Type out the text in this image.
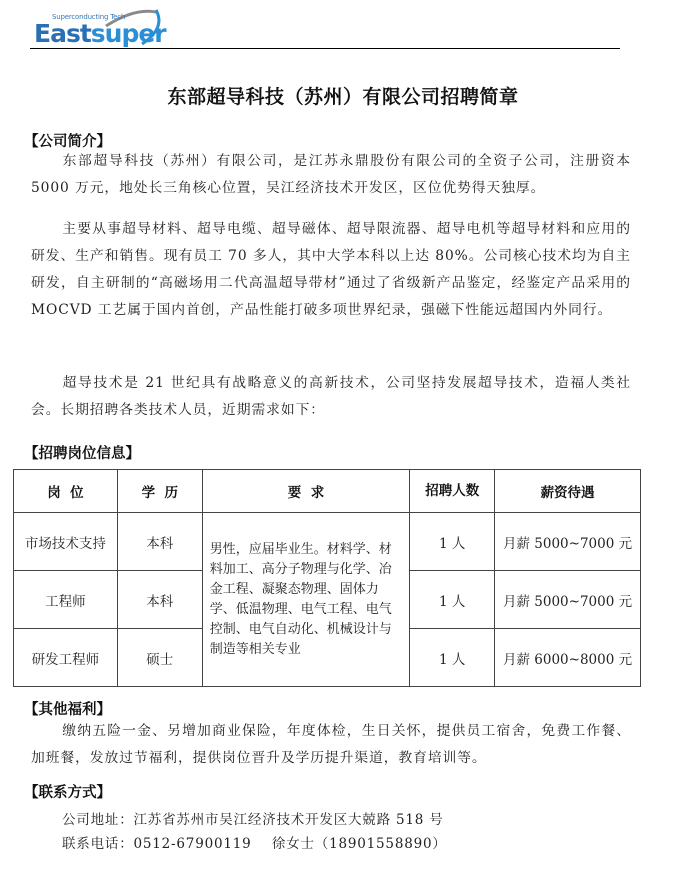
Superconducting Tech
Eastsuper
东部超导科技（苏州）有限公司招聘简章
【公司简介】
东部超导科技（苏州）有限公司，是江苏永鼎股份有限公司的全资子公司，注册资本 5000 万元，地处长三角核心位置，吴江经济技术开发区，区位优势得天独厚。
主要从事超导材料、超导电缆、超导磁体、超导限流器、超导电机等超导材料和应用的研发、生产和销售。现有员工 70 多人，其中大学本科以上达 80%。公司核心技术均为自主研发，自主研制的“高磁场用二代高温超导带材”通过了省级新产品鉴定，经鉴定产品采用的 MOCVD 工艺属于国内首创，产品性能打破多项世界纪录，强磁下性能远超国内外同行。
超导技术是 21 世纪具有战略意义的高新技术，公司坚持发展超导技术，造福人类社会。长期招聘各类技术人员，近期需求如下：
【招聘岗位信息】
岗  位	学  历	要  求	招聘人数	薪资待遇
市场技术支持	本科	男性，应届毕业生。材料学、材料加工、高分子物理与化学、冶金工程、凝聚态物理、固体力学、低温物理、电气工程、电气控制、电气自动化、机械设计与制造等相关专业	1 人	月薪 5000~7000 元
工程师	本科		1 人	月薪 5000~7000 元
研发工程师	硕士		1 人	月薪 6000~8000 元
【其他福利】
缴纳五险一金、另增加商业保险，年度体检，生日关怀，提供员工宿舍，免费工作餐、加班餐，发放过节福利，提供岗位晋升及学历提升渠道，教育培训等。
【联系方式】
公司地址：江苏省苏州市吴江经济技术开发区大兢路 518 号
联系电话：0512-67900119    徐女士（18901558890）
